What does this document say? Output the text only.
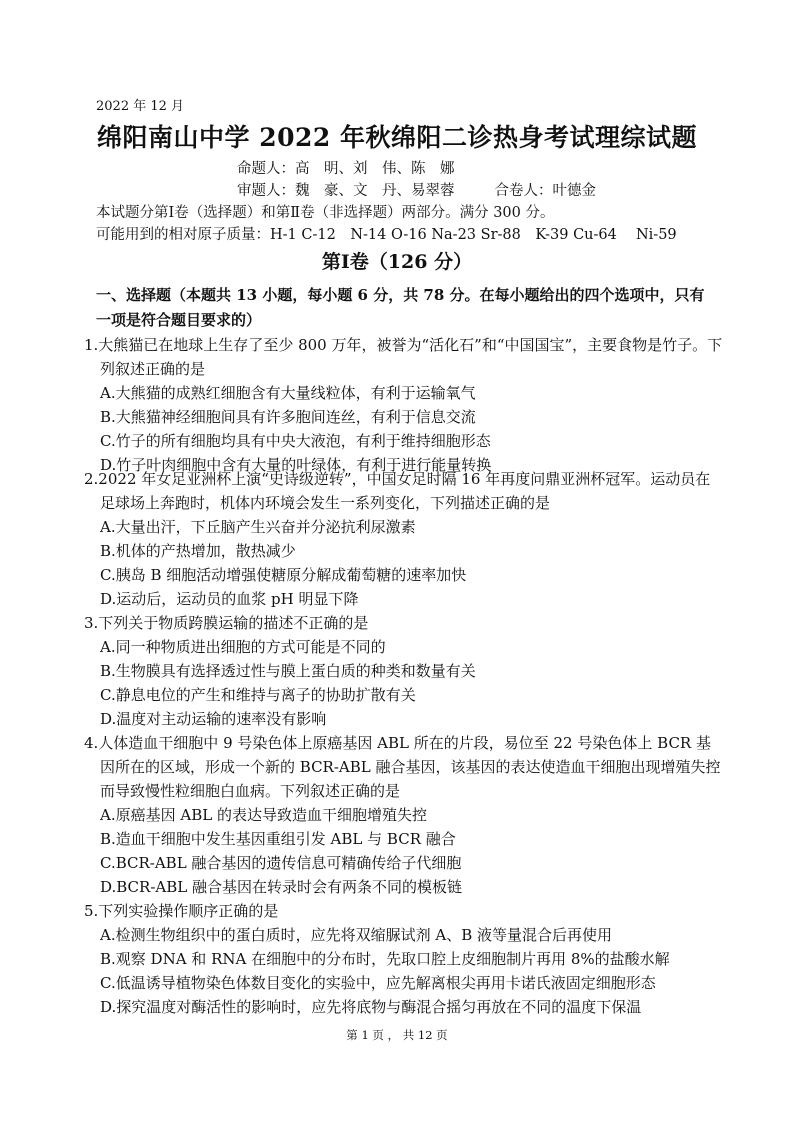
2022 年 12 月
绵阳南山中学 2022 年秋绵阳二诊热身考试理综试题
命题人：高　明、刘　伟、陈　娜
审题人：魏　豪、文　丹、易翠蓉	合卷人：叶德金
本试题分第Ⅰ卷（选择题）和第Ⅱ卷（非选择题）两部分。满分 300 分。
可能用到的相对原子质量：H-1 C-12　N-14 O-16 Na-23 Sr-88　K-39 Cu-64　 Ni-59
第Ⅰ卷（126 分）
一、选择题（本题共 13 小题，每小题 6 分，共 78 分。在每小题给出的四个选项中，只有一项是符合题目要求的）

1.大熊猫已在地球上生存了至少 800 万年，被誉为“活化石”和“中国国宝”，主要食物是竹子。下列叙述正确的是

A.大熊猫的成熟红细胞含有大量线粒体，有利于运输氧气

B.大熊猫神经细胞间具有许多胞间连丝，有利于信息交流

C.竹子的所有细胞均具有中央大液泡，有利于维持细胞形态

D.竹子叶肉细胞中含有大量的叶绿体，有利于进行能量转换

2.2022 年女足亚洲杯上演“史诗级逆转”，中国女足时隔 16 年再度问鼎亚洲杯冠军。运动员在足球场上奔跑时，机体内环境会发生一系列变化，下列描述正确的是

A.大量出汗，下丘脑产生兴奋并分泌抗利尿激素

B.机体的产热增加，散热减少

C.胰岛 B 细胞活动增强使糖原分解成葡萄糖的速率加快

D.运动后，运动员的血浆 pH 明显下降

3.下列关于物质跨膜运输的描述不正确的是

A.同一种物质进出细胞的方式可能是不同的

B.生物膜具有选择透过性与膜上蛋白质的种类和数量有关

C.静息电位的产生和维持与离子的协助扩散有关

D.温度对主动运输的速率没有影响

4.人体造血干细胞中 9 号染色体上原癌基因 ABL 所在的片段，易位至 22 号染色体上 BCR 基因所在的区域，形成一个新的 BCR-ABL 融合基因，该基因的表达使造血干细胞出现增殖失控而导致慢性粒细胞白血病。下列叙述正确的是

A.原癌基因 ABL 的表达导致造血干细胞增殖失控

B.造血干细胞中发生基因重组引发 ABL 与 BCR 融合

C.BCR-ABL 融合基因的遗传信息可精确传给子代细胞

D.BCR-ABL 融合基因在转录时会有两条不同的模板链

5.下列实验操作顺序正确的是

A.检测生物组织中的蛋白质时，应先将双缩脲试剂 A、B 液等量混合后再使用

B.观察 DNA 和 RNA 在细胞中的分布时，先取口腔上皮细胞制片再用 8%的盐酸水解

C.低温诱导植物染色体数目变化的实验中，应先解离根尖再用卡诺氏液固定细胞形态

D.探究温度对酶活性的影响时，应先将底物与酶混合摇匀再放在不同的温度下保温

第 1 页 ， 共 12 页
